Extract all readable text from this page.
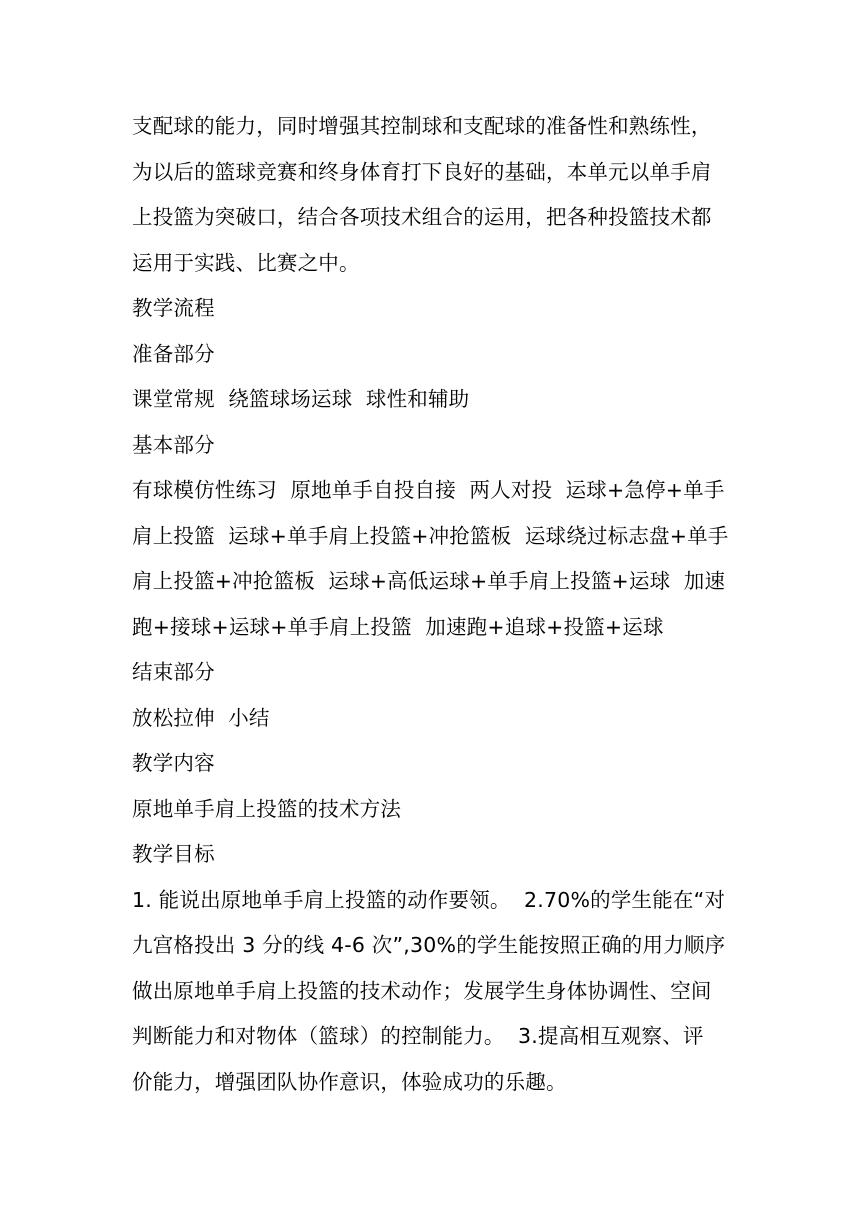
支配球的能力，同时增强其控制球和支配球的准备性和熟练性，
为以后的篮球竞赛和终身体育打下良好的基础，本单元以单手肩
上投篮为突破口，结合各项技术组合的运用，把各种投篮技术都
运用于实践、比赛之中。
教学流程
准备部分
课堂常规  绕篮球场运球  球性和辅助
基本部分
有球模仿性练习  原地单手自投自接  两人对投  运球+急停+单手
肩上投篮  运球+单手肩上投篮+冲抢篮板  运球绕过标志盘+单手
肩上投篮+冲抢篮板  运球+高低运球+单手肩上投篮+运球  加速
跑+接球+运球+单手肩上投篮  加速跑+追球+投篮+运球
结束部分
放松拉伸  小结
教学内容
原地单手肩上投篮的技术方法
教学目标
1. 能说出原地单手肩上投篮的动作要领。  2.70%的学生能在“对
九宫格投出 3 分的线 4-6 次”,30%的学生能按照正确的用力顺序
做出原地单手肩上投篮的技术动作；发展学生身体协调性、空间
判断能力和对物体（篮球）的控制能力。  3.提高相互观察、评
价能力，增强团队协作意识，体验成功的乐趣。
